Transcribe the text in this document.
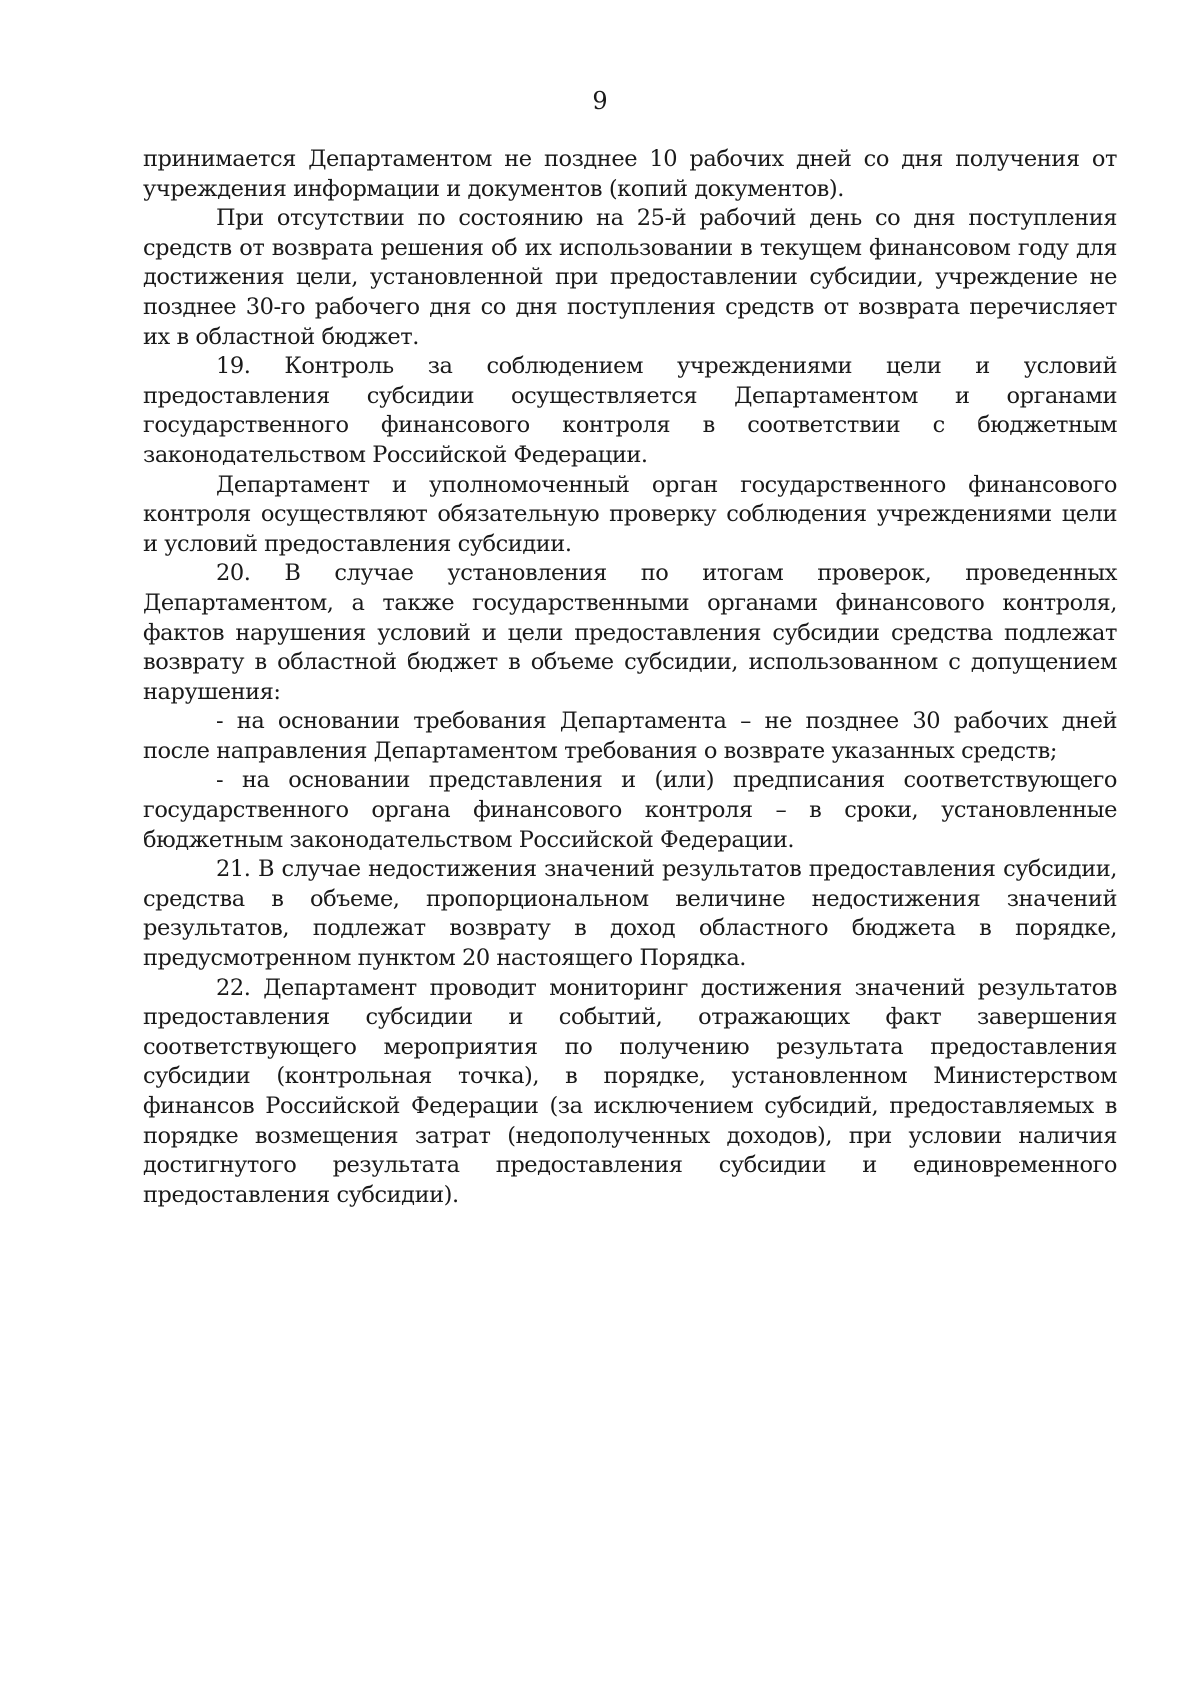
9

принимается Департаментом не позднее 10 рабочих дней со дня получения от учреждения информации и документов (копий документов).

При отсутствии по состоянию на 25-й рабочий день со дня поступления средств от возврата решения об их использовании в текущем финансовом году для достижения цели, установленной при предоставлении субсидии, учреждение не позднее 30-го рабочего дня со дня поступления средств от возврата перечисляет их в областной бюджет.

19. Контроль за соблюдением учреждениями цели и условий предоставления субсидии осуществляется Департаментом и органами государственного финансового контроля в соответствии с бюджетным законодательством Российской Федерации.

Департамент и уполномоченный орган государственного финансового контроля осуществляют обязательную проверку соблюдения учреждениями цели и условий предоставления субсидии.

20. В случае установления по итогам проверок, проведенных Департаментом, а также государственными органами финансового контроля, фактов нарушения условий и цели предоставления субсидии средства подлежат возврату в областной бюджет в объеме субсидии, использованном с допущением нарушения:

- на основании требования Департамента – не позднее 30 рабочих дней после направления Департаментом требования о возврате указанных средств;

- на основании представления и (или) предписания соответствующего государственного органа финансового контроля – в сроки, установленные бюджетным законодательством Российской Федерации.

21. В случае недостижения значений результатов предоставления субсидии, средства в объеме, пропорциональном величине недостижения значений результатов, подлежат возврату в доход областного бюджета в порядке, предусмотренном пунктом 20 настоящего Порядка.

22. Департамент проводит мониторинг достижения значений результатов предоставления субсидии и событий, отражающих факт завершения соответствующего мероприятия по получению результата предоставления субсидии (контрольная точка), в порядке, установленном Министерством финансов Российской Федерации (за исключением субсидий, предоставляемых в порядке возмещения затрат (недополученных доходов), при условии наличия достигнутого результата предоставления субсидии и единовременного предоставления субсидии).
